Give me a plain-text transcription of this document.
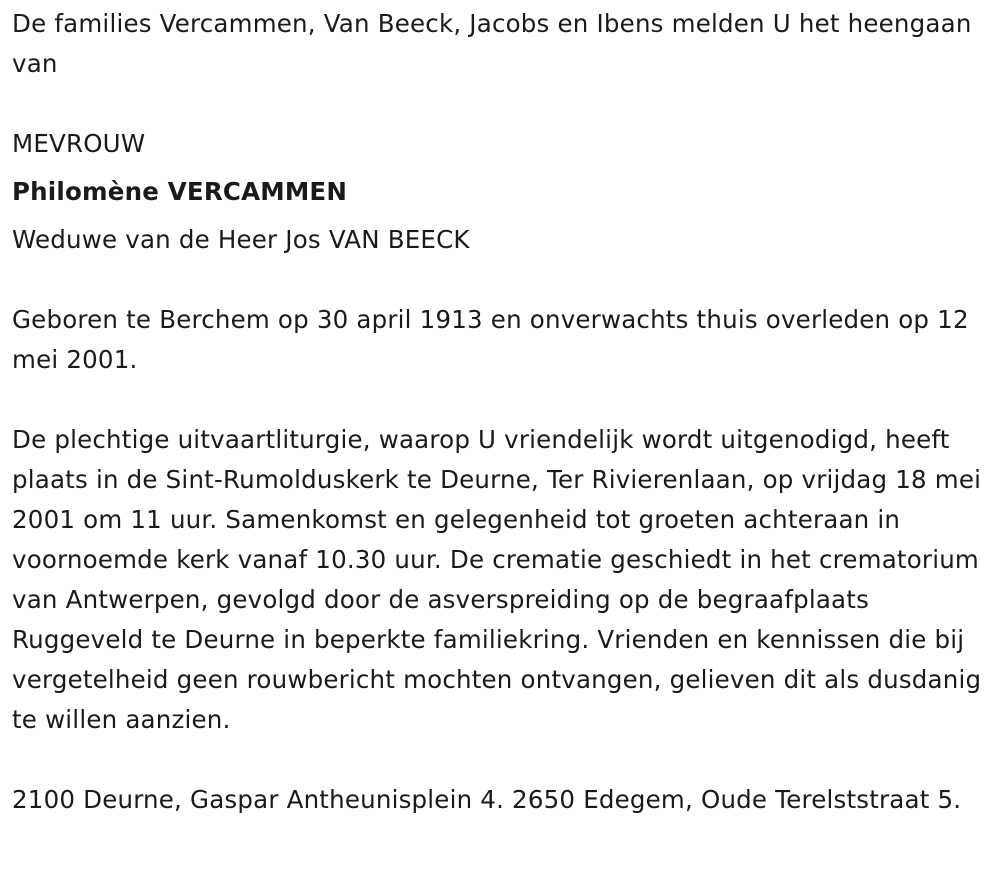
De families Vercammen, Van Beeck, Jacobs en Ibens melden U het heengaan van

MEVROUW

Philomène VERCAMMEN

Weduwe van de Heer Jos VAN BEECK

Geboren te Berchem op 30 april 1913 en onverwachts thuis overleden op 12 mei 2001.

De plechtige uitvaartliturgie, waarop U vriendelijk wordt uitgenodigd, heeft plaats in de Sint-Rumolduskerk te Deurne, Ter Rivierenlaan, op vrijdag 18 mei 2001 om 11 uur. Samenkomst en gelegenheid tot groeten achteraan in voornoemde kerk vanaf 10.30 uur. De crematie geschiedt in het crematorium van Antwerpen, gevolgd door de asverspreiding op de begraafplaats Ruggeveld te Deurne in beperkte familiekring. Vrienden en kennissen die bij vergetelheid geen rouwbericht mochten ontvangen, gelieven dit als dusdanig te willen aanzien.

2100 Deurne, Gaspar Antheunisplein 4. 2650 Edegem, Oude Terelststraat 5.
